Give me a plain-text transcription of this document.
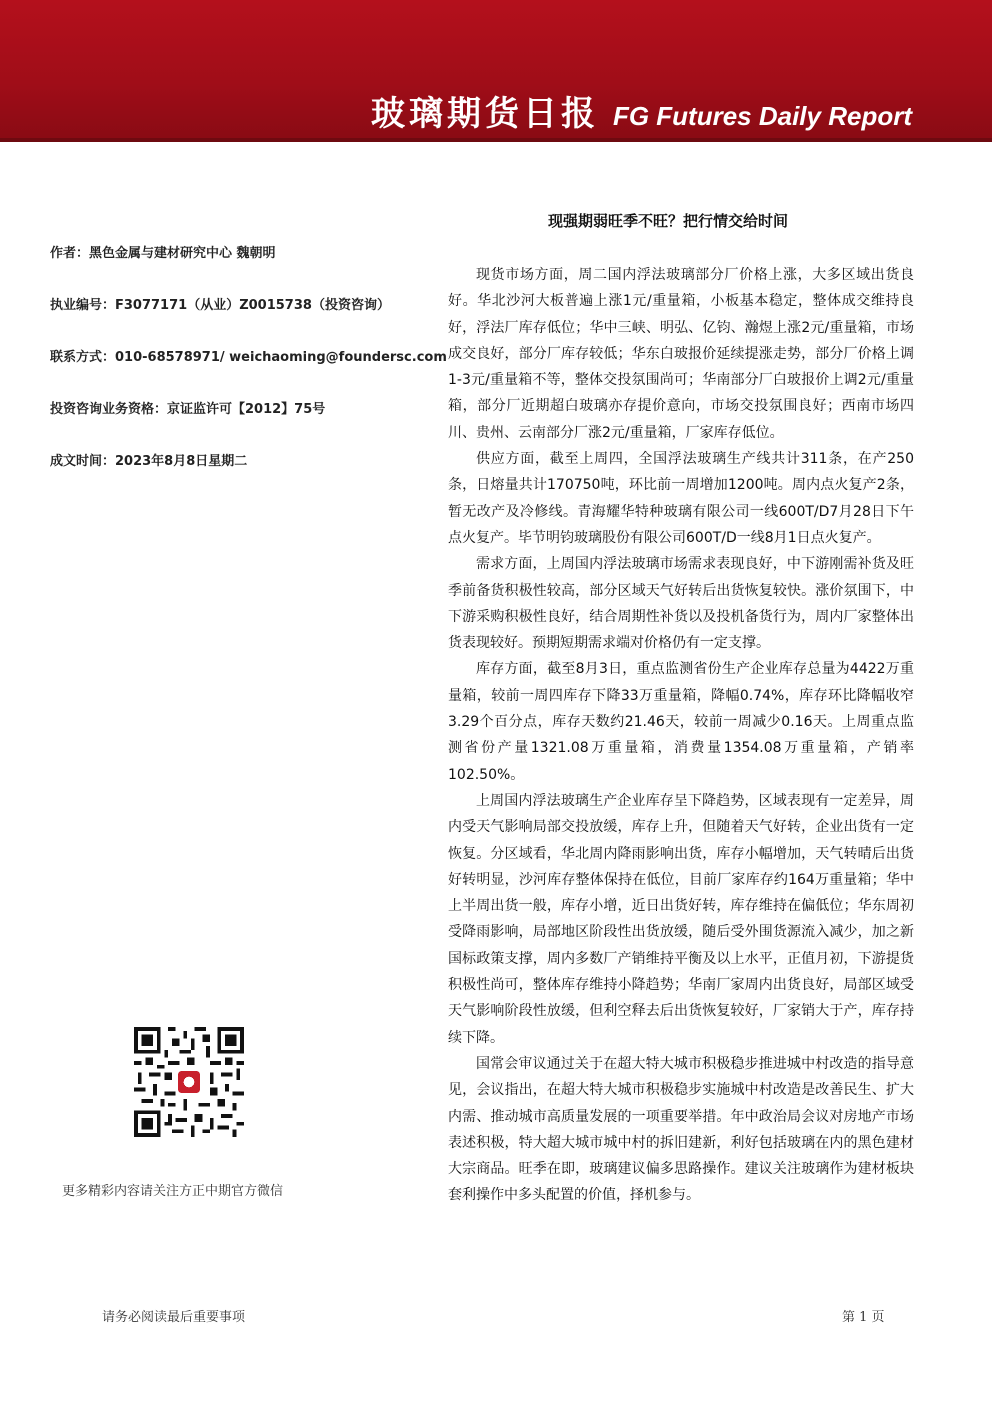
玻璃期货日报 FG Futures Daily Report
现强期弱旺季不旺？把行情交给时间
作者：黑色金属与建材研究中心 魏朝明
执业编号：F3077171（从业）Z0015738（投资咨询）
联系方式：010-68578971/ weichaoming@foundersc.com
投资咨询业务资格：京证监许可【2012】75号
成文时间：2023年8月8日星期二

现货市场方面，周二国内浮法玻璃部分厂价格上涨，大多区域出货良好。华北沙河大板普遍上涨1元/重量箱，小板基本稳定，整体成交维持良好，浮法厂库存低位；华中三峡、明弘、亿钧、瀚煜上涨2元/重量箱，市场成交良好，部分厂库存较低；华东白玻报价延续提涨走势，部分厂价格上调1-3元/重量箱不等，整体交投氛围尚可；华南部分厂白玻报价上调2元/重量箱，部分厂近期超白玻璃亦存提价意向，市场交投氛围良好；西南市场四川、贵州、云南部分厂涨2元/重量箱，厂家库存低位。

供应方面，截至上周四，全国浮法玻璃生产线共计311条，在产250条，日熔量共计170750吨，环比前一周增加1200吨。周内点火复产2条，暂无改产及冷修线。青海耀华特种玻璃有限公司一线600T/D7月28日下午点火复产。毕节明钧玻璃股份有限公司600T/D一线8月1日点火复产。

需求方面，上周国内浮法玻璃市场需求表现良好，中下游刚需补货及旺季前备货积极性较高，部分区域天气好转后出货恢复较快。涨价氛围下，中下游采购积极性良好，结合周期性补货以及投机备货行为，周内厂家整体出货表现较好。预期短期需求端对价格仍有一定支撑。

库存方面，截至8月3日，重点监测省份生产企业库存总量为4422万重量箱，较前一周四库存下降33万重量箱，降幅0.74%，库存环比降幅收窄3.29个百分点，库存天数约21.46天，较前一周减少0.16天。上周重点监测省份产量1321.08万重量箱，消费量1354.08万重量箱，产销率102.50%。

上周国内浮法玻璃生产企业库存呈下降趋势，区域表现有一定差异，周内受天气影响局部交投放缓，库存上升，但随着天气好转，企业出货有一定恢复。分区域看，华北周内降雨影响出货，库存小幅增加，天气转晴后出货好转明显，沙河库存整体保持在低位，目前厂家库存约164万重量箱；华中上半周出货一般，库存小增，近日出货好转，库存维持在偏低位；华东周初受降雨影响，局部地区阶段性出货放缓，随后受外围货源流入减少，加之新国标政策支撑，周内多数厂产销维持平衡及以上水平，正值月初，下游提货积极性尚可，整体库存维持小降趋势；华南厂家周内出货良好，局部区域受天气影响阶段性放缓，但利空释去后出货恢复较好，厂家销大于产，库存持续下降。

国常会审议通过关于在超大特大城市积极稳步推进城中村改造的指导意见，会议指出，在超大特大城市积极稳步实施城中村改造是改善民生、扩大内需、推动城市高质量发展的一项重要举措。年中政治局会议对房地产市场表述积极，特大超大城市城中村的拆旧建新，利好包括玻璃在内的黑色建材大宗商品。旺季在即，玻璃建议偏多思路操作。建议关注玻璃作为建材板块套利操作中多头配置的价值，择机参与。

更多精彩内容请关注方正中期官方微信
请务必阅读最后重要事项	第 1 页
